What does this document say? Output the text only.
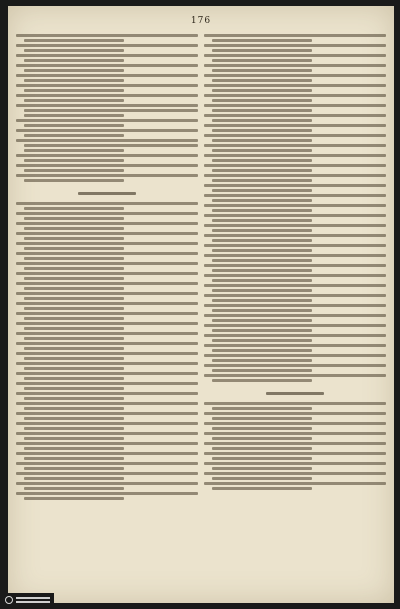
176
